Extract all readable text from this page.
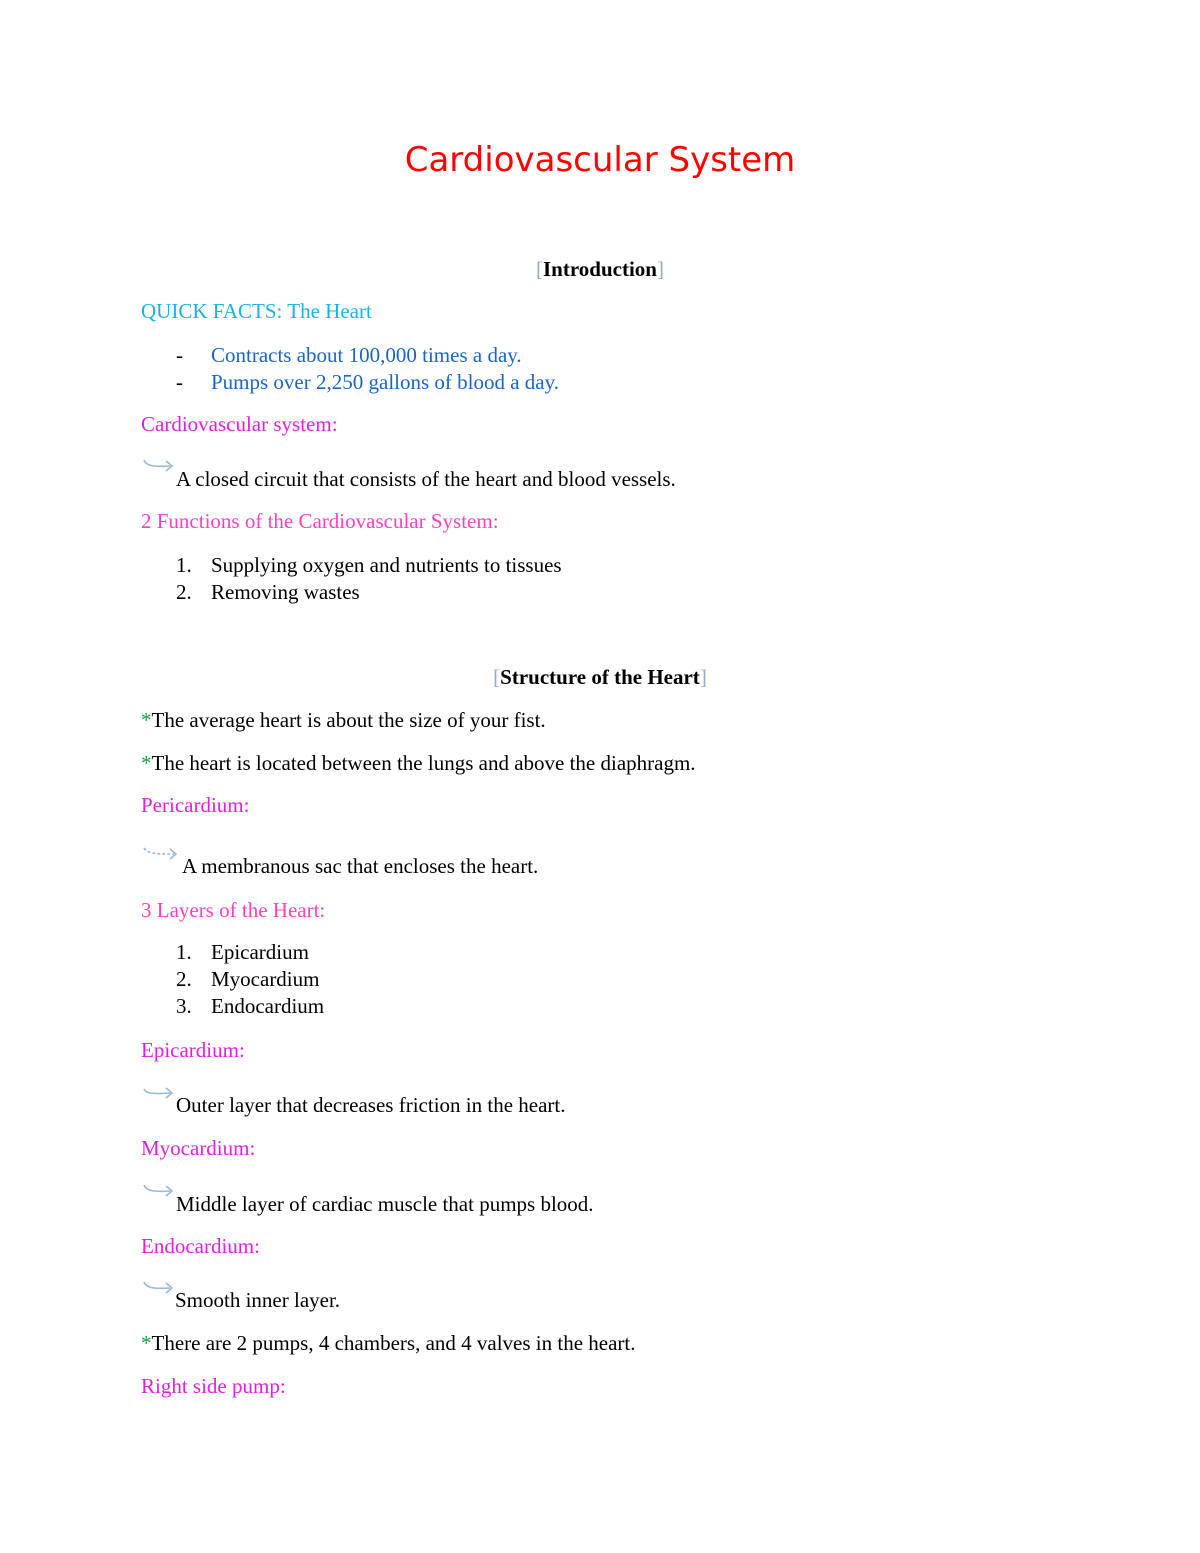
Cardiovascular System
[Introduction]
QUICK FACTS: The Heart
- Contracts about 100,000 times a day.
- Pumps over 2,250 gallons of blood a day.
Cardiovascular system:
A closed circuit that consists of the heart and blood vessels.
2 Functions of the Cardiovascular System:
1. Supplying oxygen and nutrients to tissues
2. Removing wastes
[Structure of the Heart]
*The average heart is about the size of your fist.
*The heart is located between the lungs and above the diaphragm.
Pericardium:
A membranous sac that encloses the heart.
3 Layers of the Heart:
1. Epicardium
2. Myocardium
3. Endocardium
Epicardium:
Outer layer that decreases friction in the heart.
Myocardium:
Middle layer of cardiac muscle that pumps blood.
Endocardium:
Smooth inner layer.
*There are 2 pumps, 4 chambers, and 4 valves in the heart.
Right side pump:
